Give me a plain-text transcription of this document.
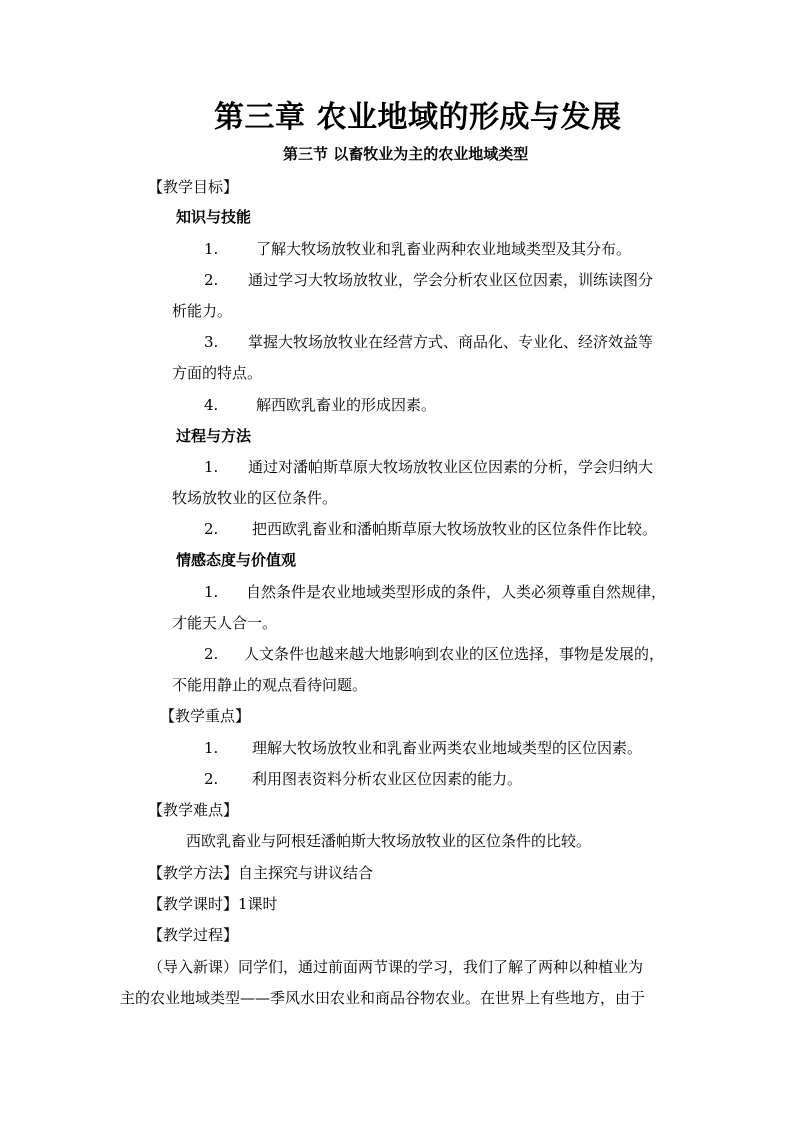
第三章 农业地域的形成与发展
第三节 以畜牧业为主的农业地域类型
【教学目标】
知识与技能
1.	了解大牧场放牧业和乳畜业两种农业地域类型及其分布。
2. 通过学习大牧场放牧业，学会分析农业区位因素，训练读图分
析能力。
3. 掌握大牧场放牧业在经营方式、商品化、专业化、经济效益等
方面的特点。
4.	解西欧乳畜业的形成因素。
过程与方法
1. 通过对潘帕斯草原大牧场放牧业区位因素的分析，学会归纳大
牧场放牧业的区位条件。
2. 把西欧乳畜业和潘帕斯草原大牧场放牧业的区位条件作比较。
情感态度与价值观
1. 自然条件是农业地域类型形成的条件，人类必须尊重自然规律，
才能天人合一。
2. 人文条件也越来越大地影响到农业的区位选择，事物是发展的，
不能用静止的观点看待问题。
【教学重点】
1. 理解大牧场放牧业和乳畜业两类农业地域类型的区位因素。
2. 利用图表资料分析农业区位因素的能力。
【教学难点】
西欧乳畜业与阿根廷潘帕斯大牧场放牧业的区位条件的比较。
【教学方法】自主探究与讲议结合
【教学课时】1课时
【教学过程】
（导入新课）同学们，通过前面两节课的学习，我们了解了两种以种植业为
主的农业地域类型——季风水田农业和商品谷物农业。在世界上有些地方，由于
